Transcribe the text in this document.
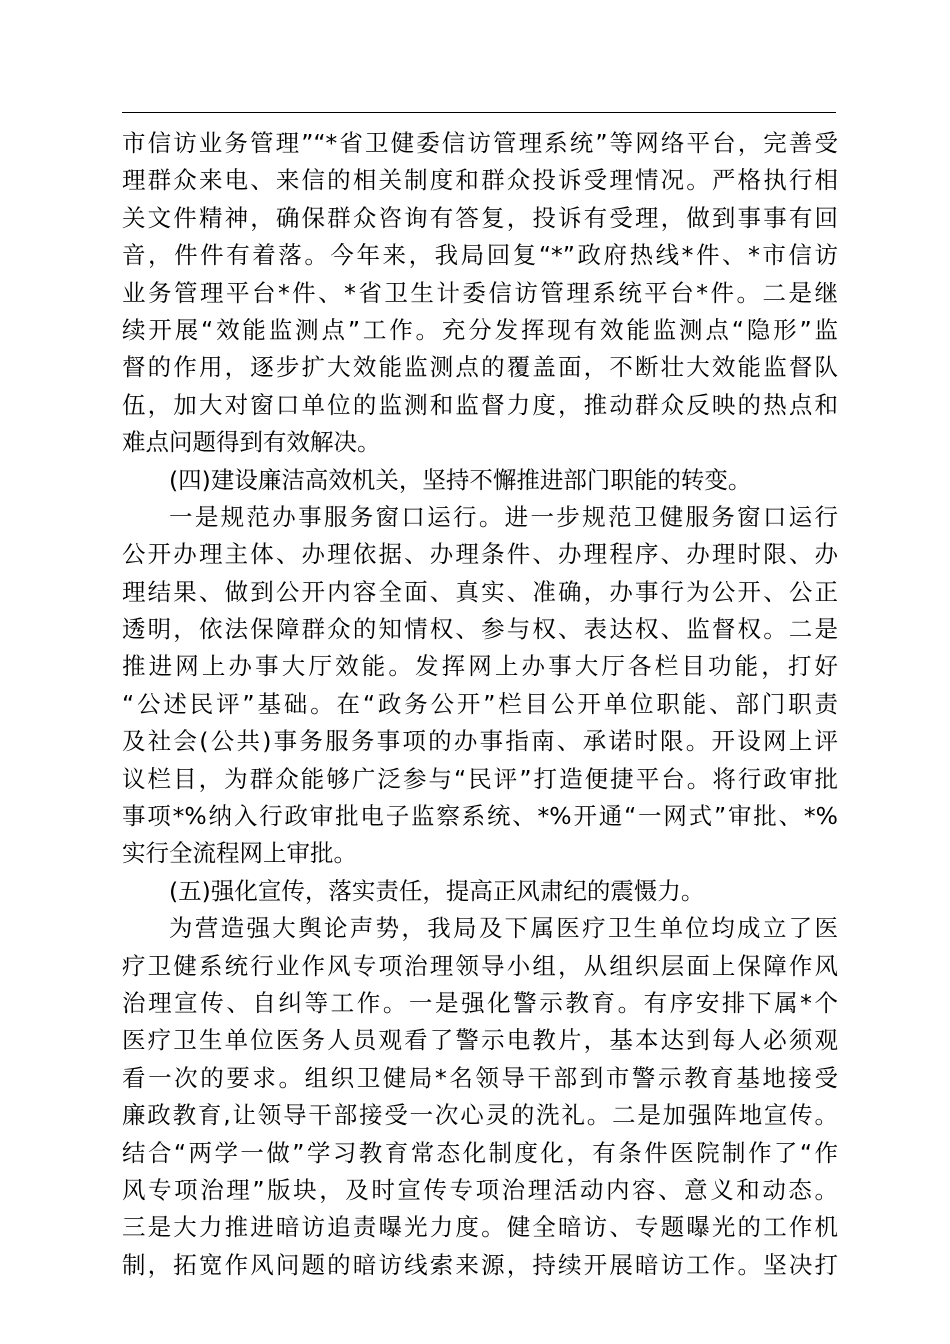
市信访业务管理”“*省卫健委信访管理系统”等网络平台，完善受
理群众来电、来信的相关制度和群众投诉受理情况。严格执行相
关文件精神，确保群众咨询有答复，投诉有受理，做到事事有回
音，件件有着落。今年来，我局回复“*”政府热线*件、*市信访
业务管理平台*件、*省卫生计委信访管理系统平台*件。二是继
续开展“效能监测点”工作。充分发挥现有效能监测点“隐形”监
督的作用，逐步扩大效能监测点的覆盖面，不断壮大效能监督队
伍，加大对窗口单位的监测和监督力度，推动群众反映的热点和
难点问题得到有效解决。
(四)建设廉洁高效机关，坚持不懈推进部门职能的转变。
一是规范办事服务窗口运行。进一步规范卫健服务窗口运行
公开办理主体、办理依据、办理条件、办理程序、办理时限、办
理结果、做到公开内容全面、真实、准确，办事行为公开、公正
透明，依法保障群众的知情权、参与权、表达权、监督权。二是
推进网上办事大厅效能。发挥网上办事大厅各栏目功能，打好
“公述民评”基础。在“政务公开”栏目公开单位职能、部门职责
及社会(公共)事务服务事项的办事指南、承诺时限。开设网上评
议栏目，为群众能够广泛参与“民评”打造便捷平台。将行政审批
事项*%纳入行政审批电子监察系统、*%开通“一网式”审批、*%
实行全流程网上审批。
(五)强化宣传，落实责任，提高正风肃纪的震慑力。
为营造强大舆论声势，我局及下属医疗卫生单位均成立了医
疗卫健系统行业作风专项治理领导小组，从组织层面上保障作风
治理宣传、自纠等工作。一是强化警示教育。有序安排下属*个
医疗卫生单位医务人员观看了警示电教片，基本达到每人必须观
看一次的要求。组织卫健局*名领导干部到市警示教育基地接受
廉政教育,让领导干部接受一次心灵的洗礼。二是加强阵地宣传。
结合“两学一做”学习教育常态化制度化，有条件医院制作了“作
风专项治理”版块，及时宣传专项治理活动内容、意义和动态。
三是大力推进暗访追责曝光力度。健全暗访、专题曝光的工作机
制，拓宽作风问题的暗访线索来源，持续开展暗访工作。坚决打
